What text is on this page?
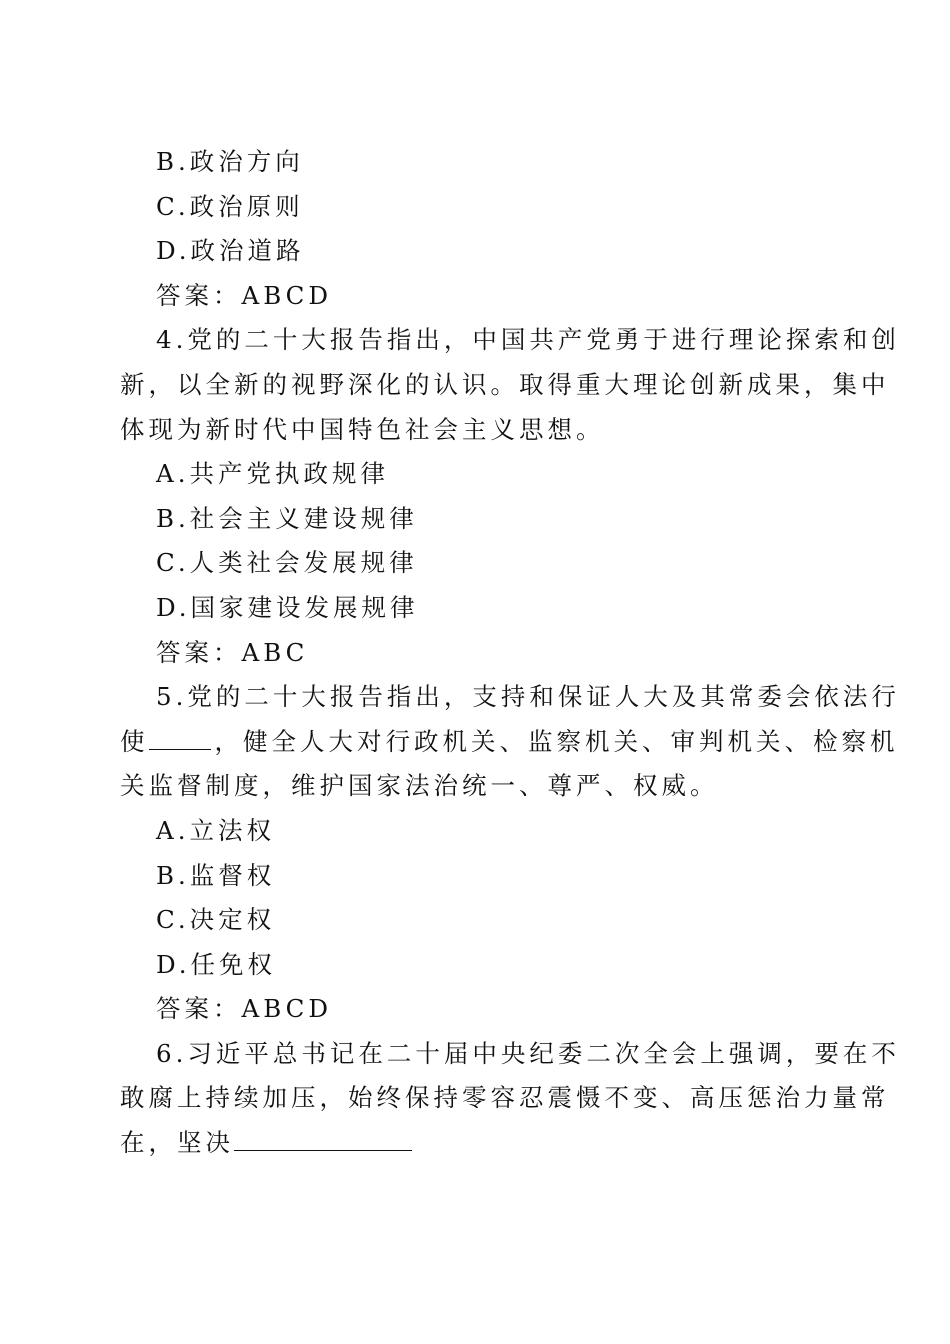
B.政治方向

C.政治原则

D.政治道路

答案：ABCD

4.党的二十大报告指出，中国共产党勇于进行理论探索和创

新，以全新的视野深化的认识。取得重大理论创新成果，集中

体现为新时代中国特色社会主义思想。

A.共产党执政规律

B.社会主义建设规律

C.人类社会发展规律

D.国家建设发展规律

答案：ABC

5.党的二十大报告指出，支持和保证人大及其常委会依法行

使	，健全人大对行政机关、监察机关、审判机关、检察机

关监督制度，维护国家法治统一、尊严、权威。

A.立法权

B.监督权

C.决定权

D.任免权

答案：ABCD

6.习近平总书记在二十届中央纪委二次全会上强调，要在不

敢腐上持续加压，始终保持零容忍震慑不变、高压惩治力量常

在，坚决
